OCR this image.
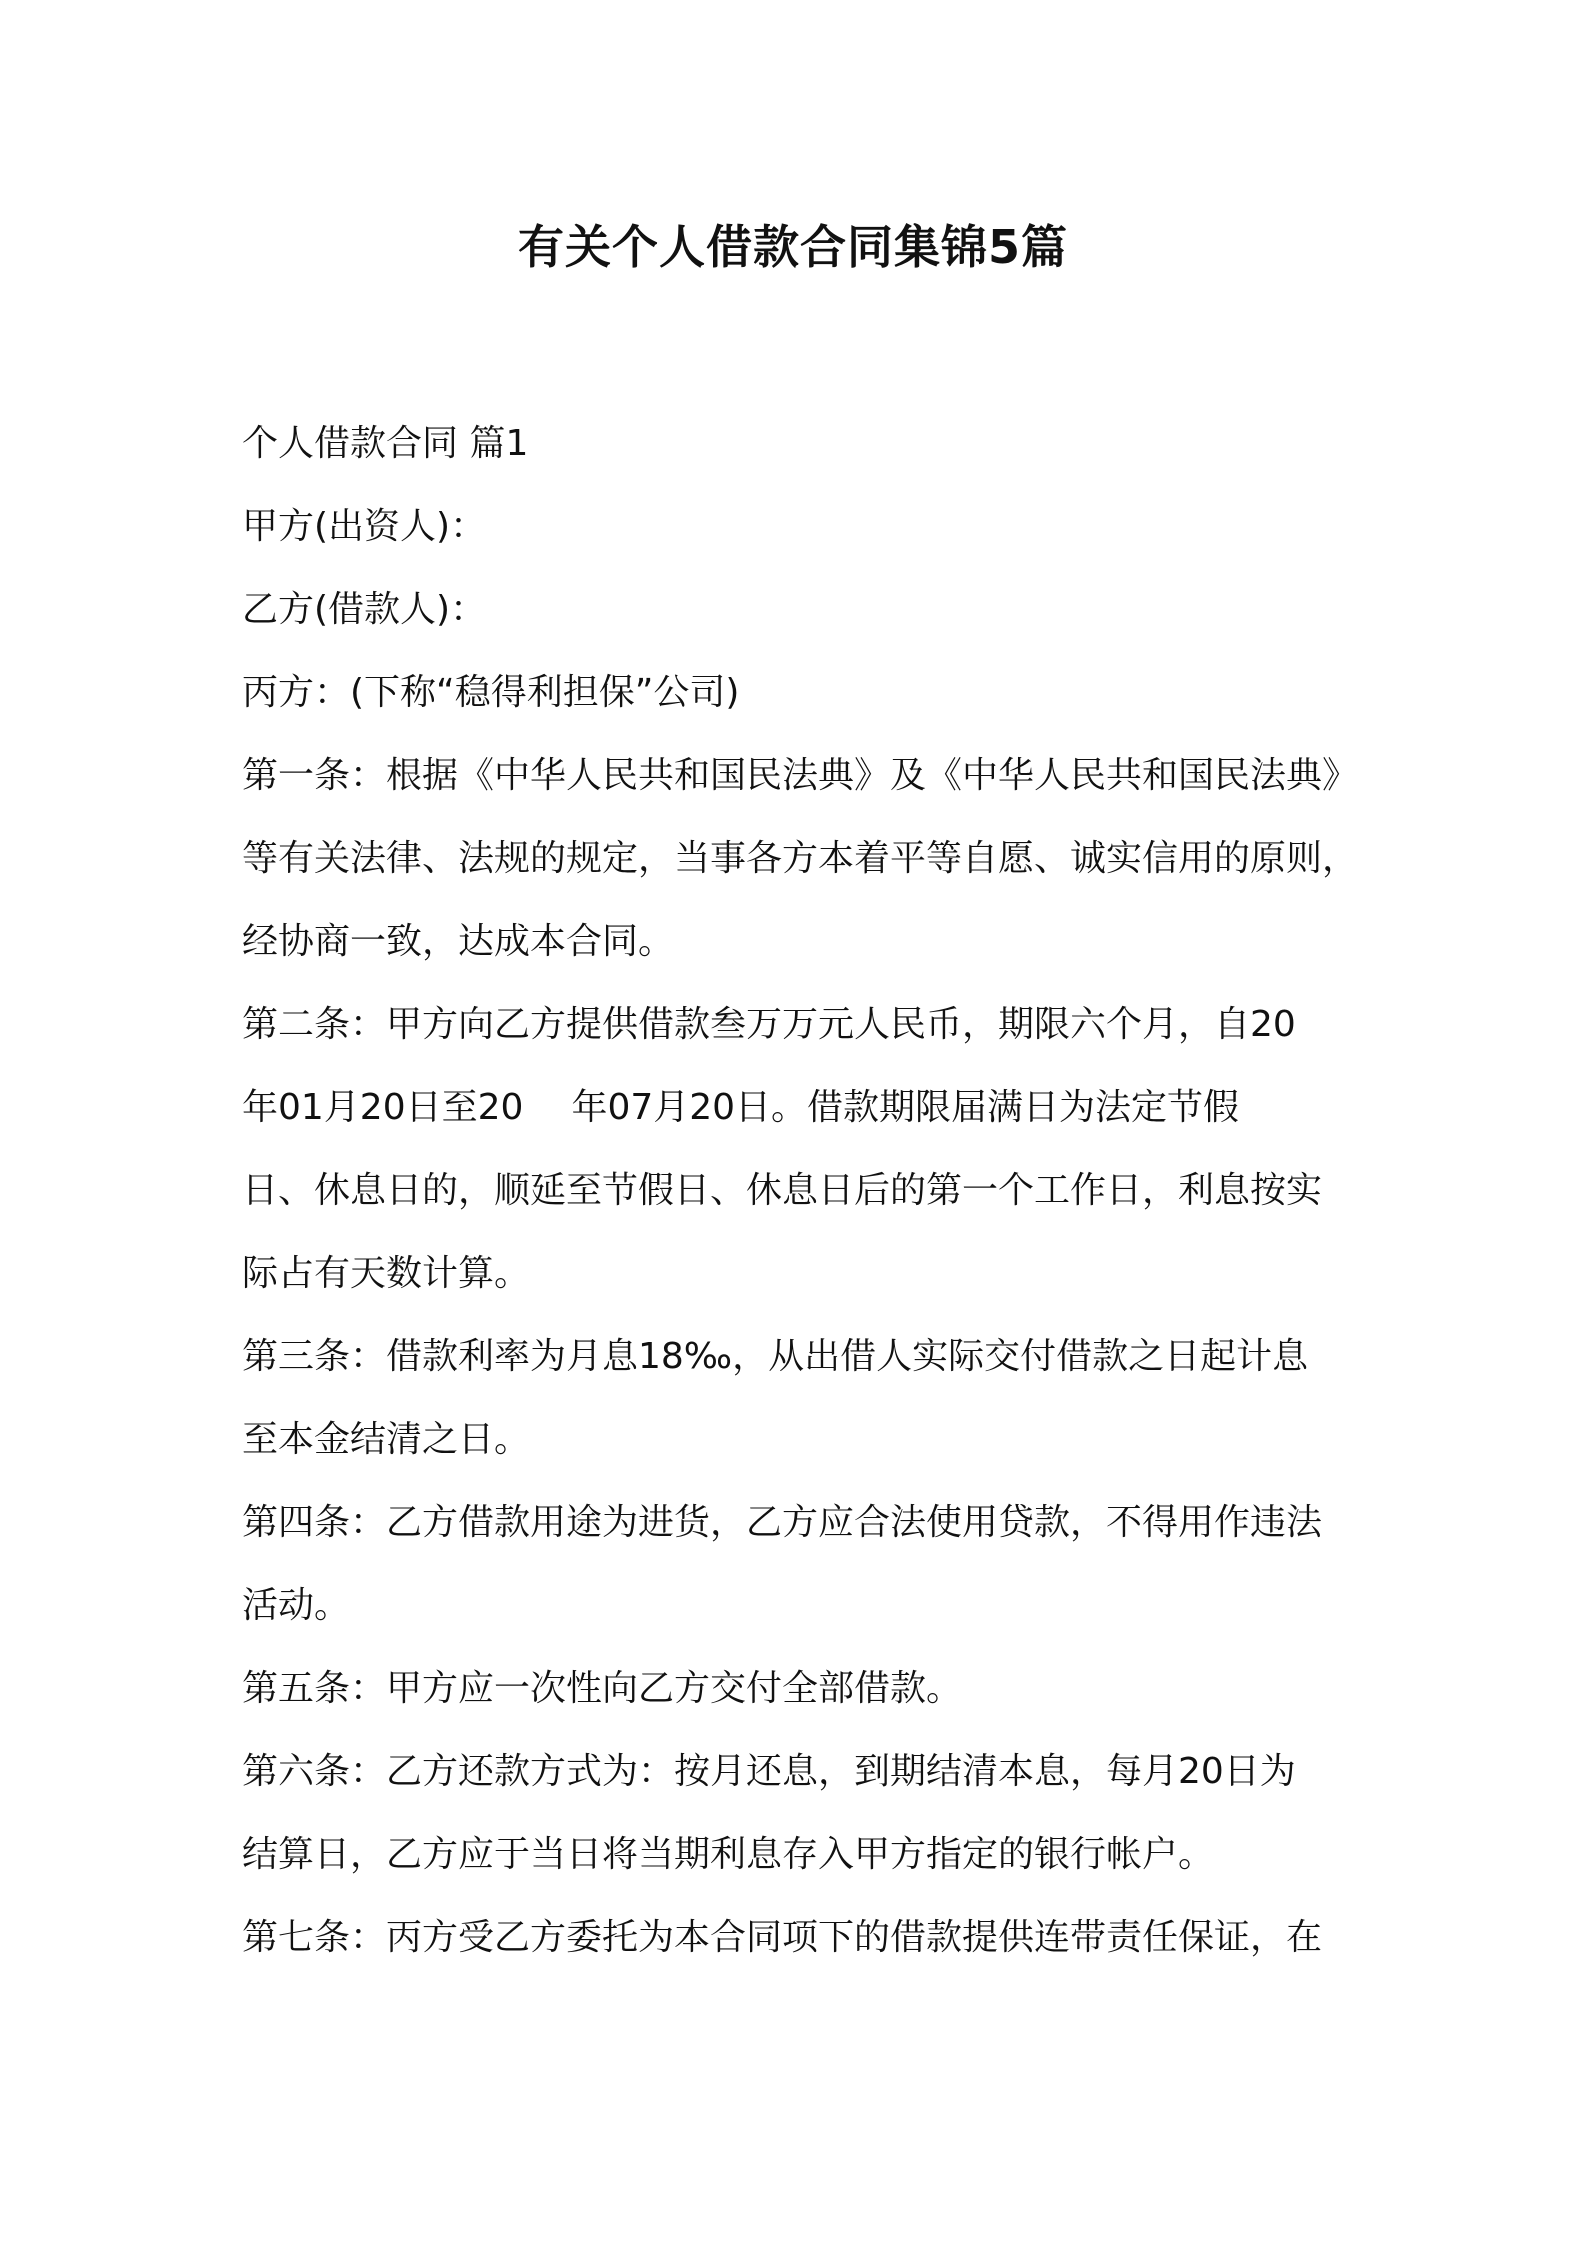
有关个人借款合同集锦5篇
个人借款合同 篇1
甲方(出资人)：
乙方(借款人)：
丙方：(下称“稳得利担保”公司)
第一条：根据《中华人民共和国民法典》及《中华人民共和国民法典》
等有关法律、法规的规定，当事各方本着平等自愿、诚实信用的原则，
经协商一致，达成本合同。
第二条：甲方向乙方提供借款叁万万元人民币，期限六个月，自20
年01月20日至20 年07月20日。借款期限届满日为法定节假
日、休息日的，顺延至节假日、休息日后的第一个工作日，利息按实
际占有天数计算。
第三条：借款利率为月息18‰，从出借人实际交付借款之日起计息
至本金结清之日。
第四条：乙方借款用途为进货，乙方应合法使用贷款，不得用作违法
活动。
第五条：甲方应一次性向乙方交付全部借款。
第六条：乙方还款方式为：按月还息，到期结清本息，每月20日为
结算日，乙方应于当日将当期利息存入甲方指定的银行帐户。
第七条：丙方受乙方委托为本合同项下的借款提供连带责任保证，在
